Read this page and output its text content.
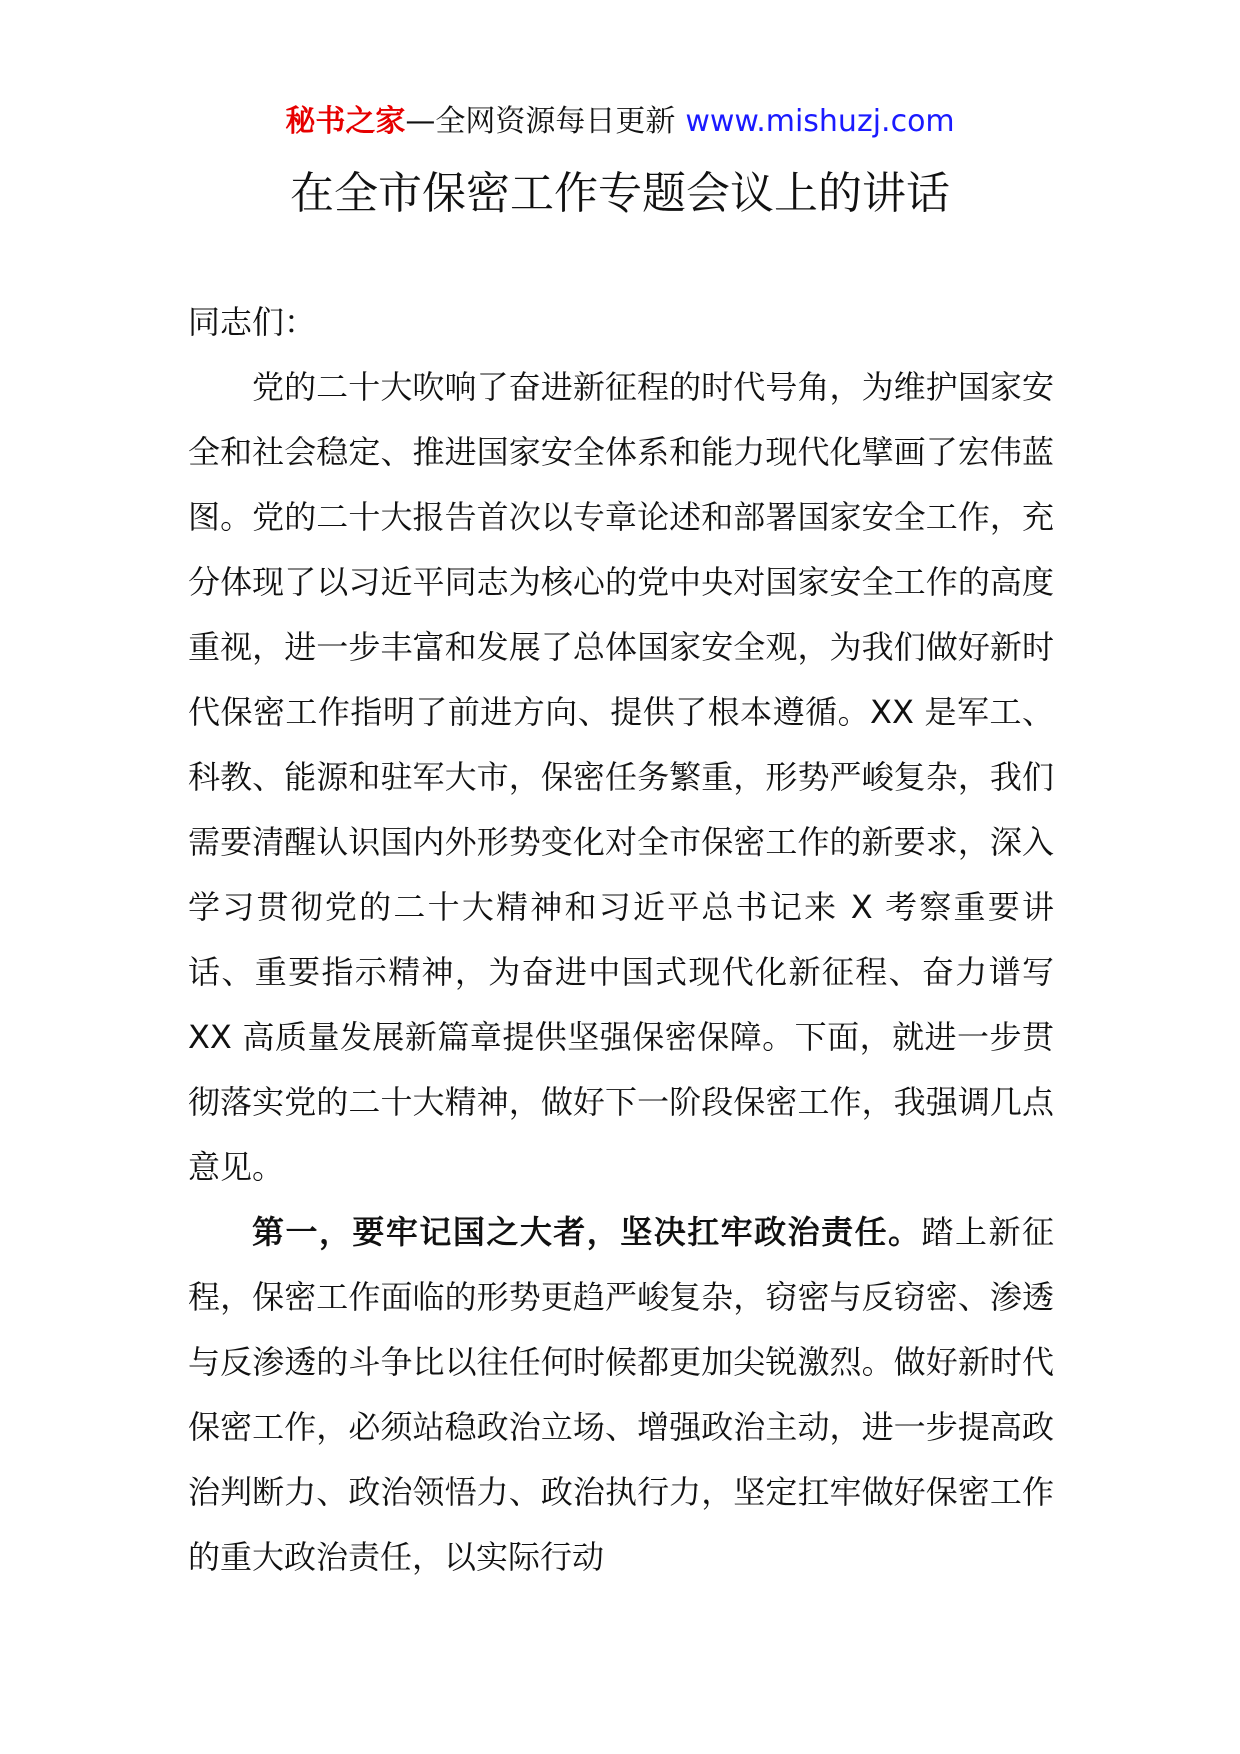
秘书之家—全网资源每日更新 www.mishuzj.com
在全市保密工作专题会议上的讲话

同志们：

党的二十大吹响了奋进新征程的时代号角，为维护国家安全和社会稳定、推进国家安全体系和能力现代化擘画了宏伟蓝图。党的二十大报告首次以专章论述和部署国家安全工作，充分体现了以习近平同志为核心的党中央对国家安全工作的高度重视，进一步丰富和发展了总体国家安全观，为我们做好新时代保密工作指明了前进方向、提供了根本遵循。XX 是军工、科教、能源和驻军大市，保密任务繁重，形势严峻复杂，我们需要清醒认识国内外形势变化对全市保密工作的新要求，深入学习贯彻党的二十大精神和习近平总书记来 X 考察重要讲话、重要指示精神，为奋进中国式现代化新征程、奋力谱写 XX 高质量发展新篇章提供坚强保密保障。下面，就进一步贯彻落实党的二十大精神，做好下一阶段保密工作，我强调几点意见。

第一，要牢记国之大者，坚决扛牢政治责任。踏上新征程，保密工作面临的形势更趋严峻复杂，窃密与反窃密、渗透与反渗透的斗争比以往任何时候都更加尖锐激烈。做好新时代保密工作，必须站稳政治立场、增强政治主动，进一步提高政治判断力、政治领悟力、政治执行力，坚定扛牢做好保密工作的重大政治责任，以实际行动
